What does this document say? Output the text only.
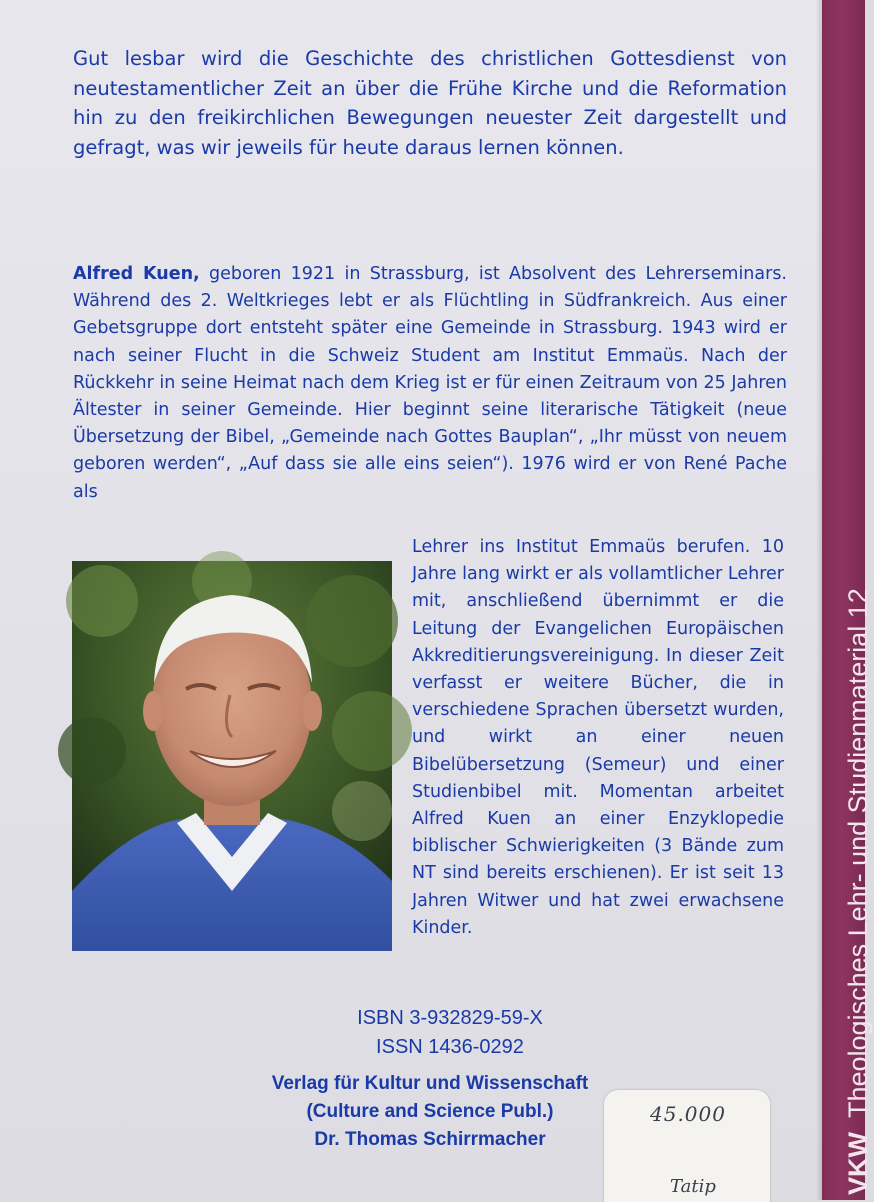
VKWTheologisches Lehr- und Studienmaterial 12

Gut lesbar wird die Geschichte des christlichen Gottesdienst von neutestamentlicher Zeit an über die Frühe Kirche und die Reformation hin zu den freikirchlichen Bewegungen neuester Zeit dargestellt und gefragt, was wir jeweils für heute daraus lernen können.

Alfred Kuen, geboren 1921 in Strassburg, ist Absolvent des Lehrerseminars. Während des 2. Weltkrieges lebt er als Flüchtling in Südfrankreich. Aus einer Gebetsgruppe dort entsteht später eine Gemeinde in Strassburg. 1943 wird er nach seiner Flucht in die Schweiz Student am Institut Emmaüs. Nach der Rückkehr in seine Heimat nach dem Krieg ist er für einen Zeitraum von 25 Jahren Ältester in seiner Gemeinde. Hier beginnt seine literarische Tätigkeit (neue Übersetzung der Bibel, „Gemeinde nach Gottes Bauplan“, „Ihr müsst von neuem geboren werden“, „Auf dass sie alle eins seien“). 1976 wird er von René Pache als

Lehrer ins Institut Emmaüs berufen. 10 Jahre lang wirkt er als vollamtlicher Lehrer mit, anschließend übernimmt er die Leitung der Evangelichen Europäischen Akkreditierungsvereinigung. In dieser Zeit verfasst er weitere Bücher, die in verschiedene Sprachen übersetzt wurden, und wirkt an einer neuen Bibelübersetzung (Semeur) und einer Studienbibel mit. Momentan arbeitet Alfred Kuen an einer Enzyklopedie biblischer Schwierigkeiten (3 Bände zum NT sind bereits erschienen). Er ist seit 13 Jahren Witwer und hat zwei erwachsene Kinder.

ISBN 3-932829-59-X
ISSN 1436-0292
Verlag für Kultur und Wissenschaft
(Culture and Science Publ.)
Dr. Thomas Schirrmacher
45.000
Tatip
